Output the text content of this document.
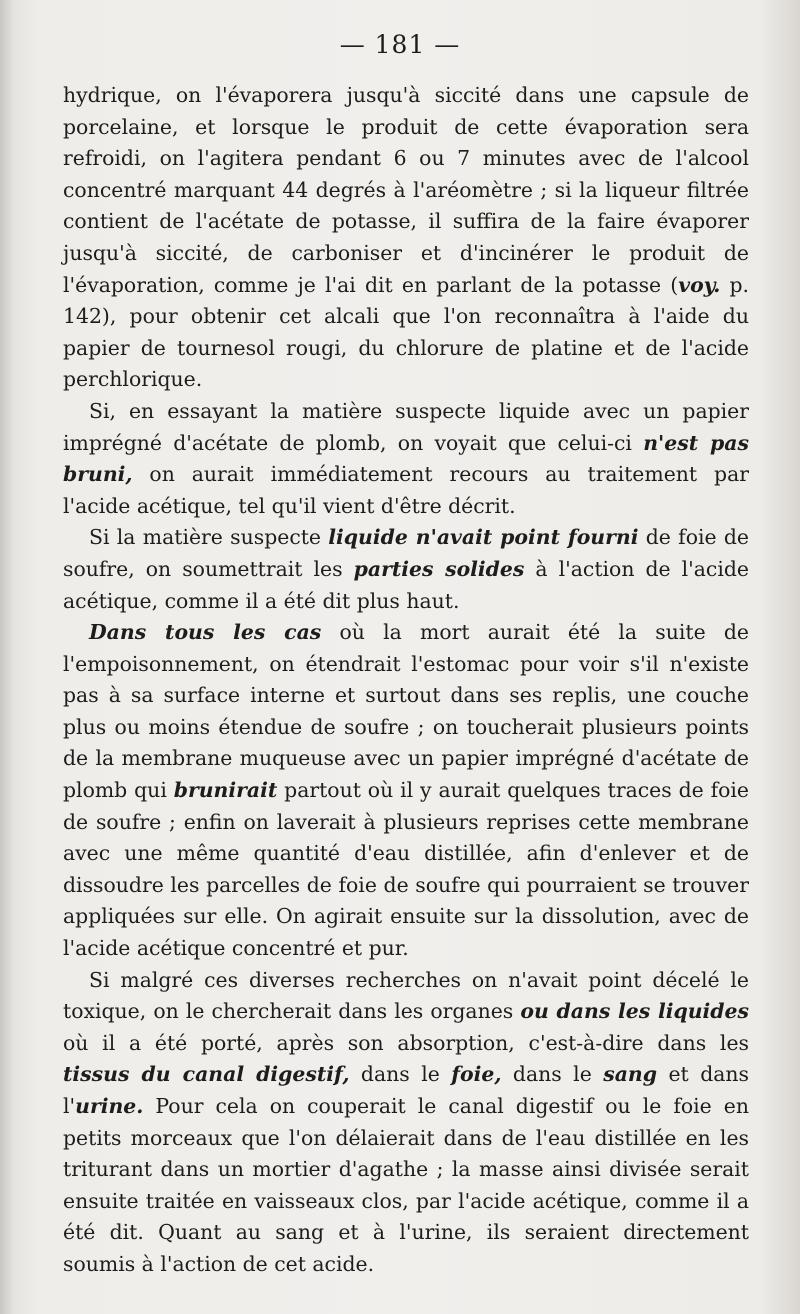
— 181 —

hydrique, on l'évaporera jusqu'à siccité dans une capsule de porcelaine, et lorsque le produit de cette évaporation sera refroidi, on l'agitera pendant 6 ou 7 minutes avec de l'alcool concentré marquant 44 degrés à l'aréomètre ; si la liqueur filtrée contient de l'acétate de potasse, il suffira de la faire évaporer jusqu'à siccité, de carboniser et d'incinérer le produit de l'évaporation, comme je l'ai dit en parlant de la potasse (voy. p. 142), pour obtenir cet alcali que l'on reconnaîtra à l'aide du papier de tournesol rougi, du chlorure de platine et de l'acide perchlorique.

Si, en essayant la matière suspecte liquide avec un papier imprégné d'acétate de plomb, on voyait que celui-ci n'est pas bruni, on aurait immédiatement recours au traitement par l'acide acétique, tel qu'il vient d'être décrit.

Si la matière suspecte liquide n'avait point fourni de foie de soufre, on soumettrait les parties solides à l'action de l'acide acétique, comme il a été dit plus haut.

Dans tous les cas où la mort aurait été la suite de l'empoisonnement, on étendrait l'estomac pour voir s'il n'existe pas à sa surface interne et surtout dans ses replis, une couche plus ou moins étendue de soufre ; on toucherait plusieurs points de la membrane muqueuse avec un papier imprégné d'acétate de plomb qui brunirait partout où il y aurait quelques traces de foie de soufre ; enfin on laverait à plusieurs reprises cette membrane avec une même quantité d'eau distillée, afin d'enlever et de dissoudre les parcelles de foie de soufre qui pourraient se trouver appliquées sur elle. On agirait ensuite sur la dissolution, avec de l'acide acétique concentré et pur.

Si malgré ces diverses recherches on n'avait point décelé le toxique, on le chercherait dans les organes ou dans les liquides où il a été porté, après son absorption, c'est-à-dire dans les tissus du canal digestif, dans le foie, dans le sang et dans l'urine. Pour cela on couperait le canal digestif ou le foie en petits morceaux que l'on délaierait dans de l'eau distillée en les triturant dans un mortier d'agathe ; la masse ainsi divisée serait ensuite traitée en vaisseaux clos, par l'acide acétique, comme il a été dit. Quant au sang et à l'urine, ils seraient directement soumis à l'action de cet acide.
